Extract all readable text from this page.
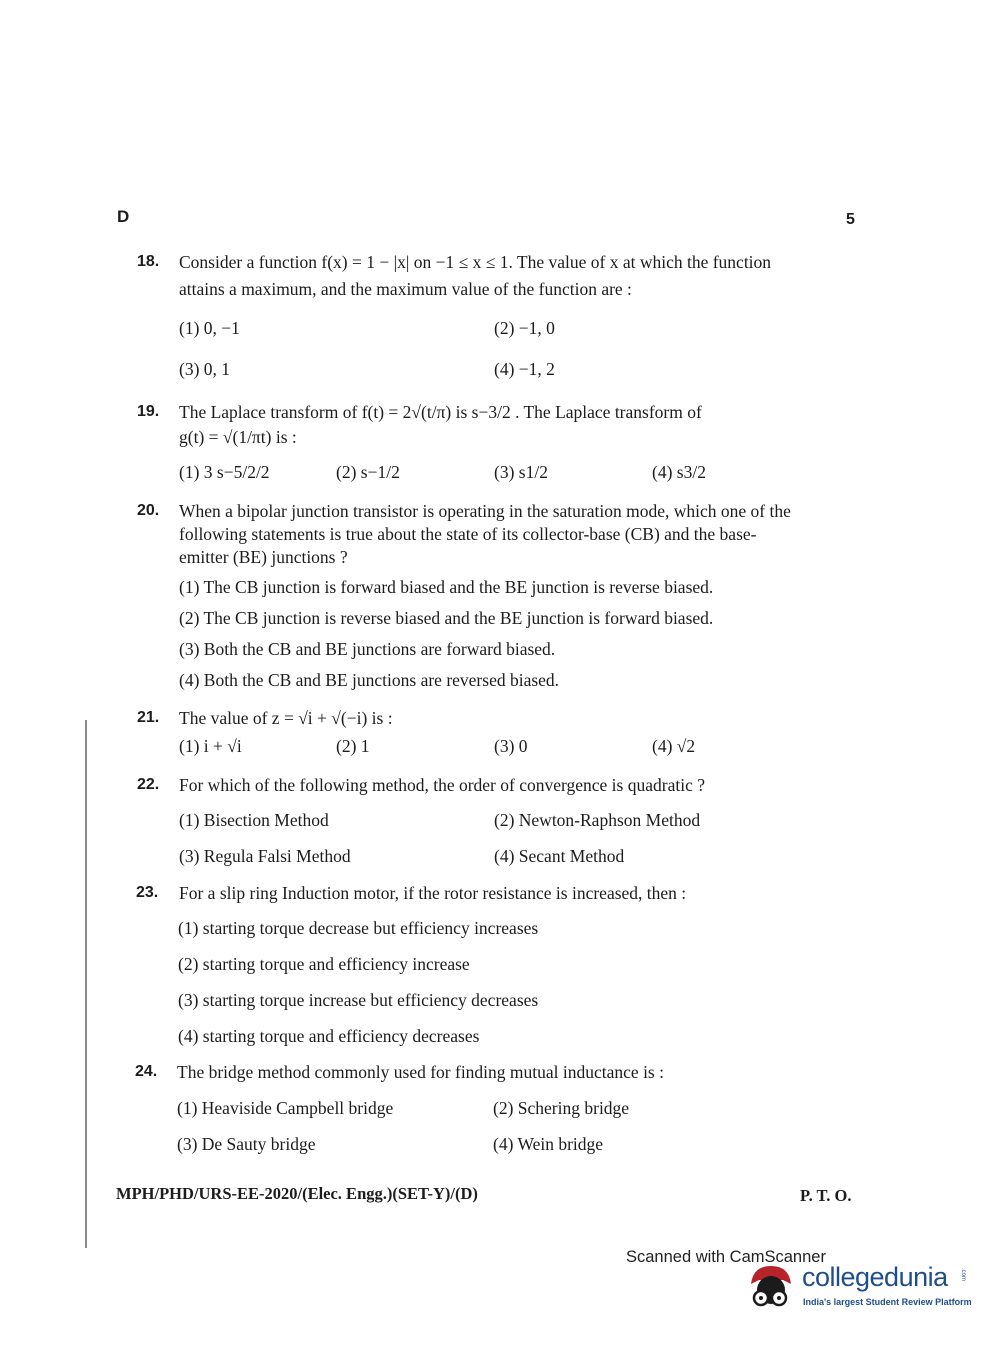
D	5
18. Consider a function f(x) = 1 − |x| on −1 ≤ x ≤ 1. The value of x at which the function
attains a maximum, and the maximum value of the function are :
(1) 0, −1	(2) −1, 0
(3) 0, 1	(4) −1, 2
19. The Laplace transform of f(t) = 2√(t/π) is s−3/2 . The Laplace transform of
g(t) = √(1/πt) is :
(1) 3 s−5/2/2	(2) s−1/2	(3) s1/2	(4) s3/2
20. When a bipolar junction transistor is operating in the saturation mode, which one of the
following statements is true about the state of its collector-base (CB) and the base-
emitter (BE) junctions ?
(1) The CB junction is forward biased and the BE junction is reverse biased.
(2) The CB junction is reverse biased and the BE junction is forward biased.
(3) Both the CB and BE junctions are forward biased.
(4) Both the CB and BE junctions are reversed biased.
21. The value of z = √i + √(−i) is :
(1) i + √i	(2) 1	(3) 0	(4) √2
22. For which of the following method, the order of convergence is quadratic ?
(1) Bisection Method	(2) Newton-Raphson Method
(3) Regula Falsi Method	(4) Secant Method
23. For a slip ring Induction motor, if the rotor resistance is increased, then :
(1) starting torque decrease but efficiency increases
(2) starting torque and efficiency increase
(3) starting torque increase but efficiency decreases
(4) starting torque and efficiency decreases
24. The bridge method commonly used for finding mutual inductance is :
(1) Heaviside Campbell bridge	(2) Schering bridge
(3) De Sauty bridge	(4) Wein bridge
MPH/PHD/URS-EE-2020/(Elec. Engg.)(SET-Y)/(D)	P. T. O.
Scanned with CamScanner
collegedunia .com
India's largest Student Review Platform
